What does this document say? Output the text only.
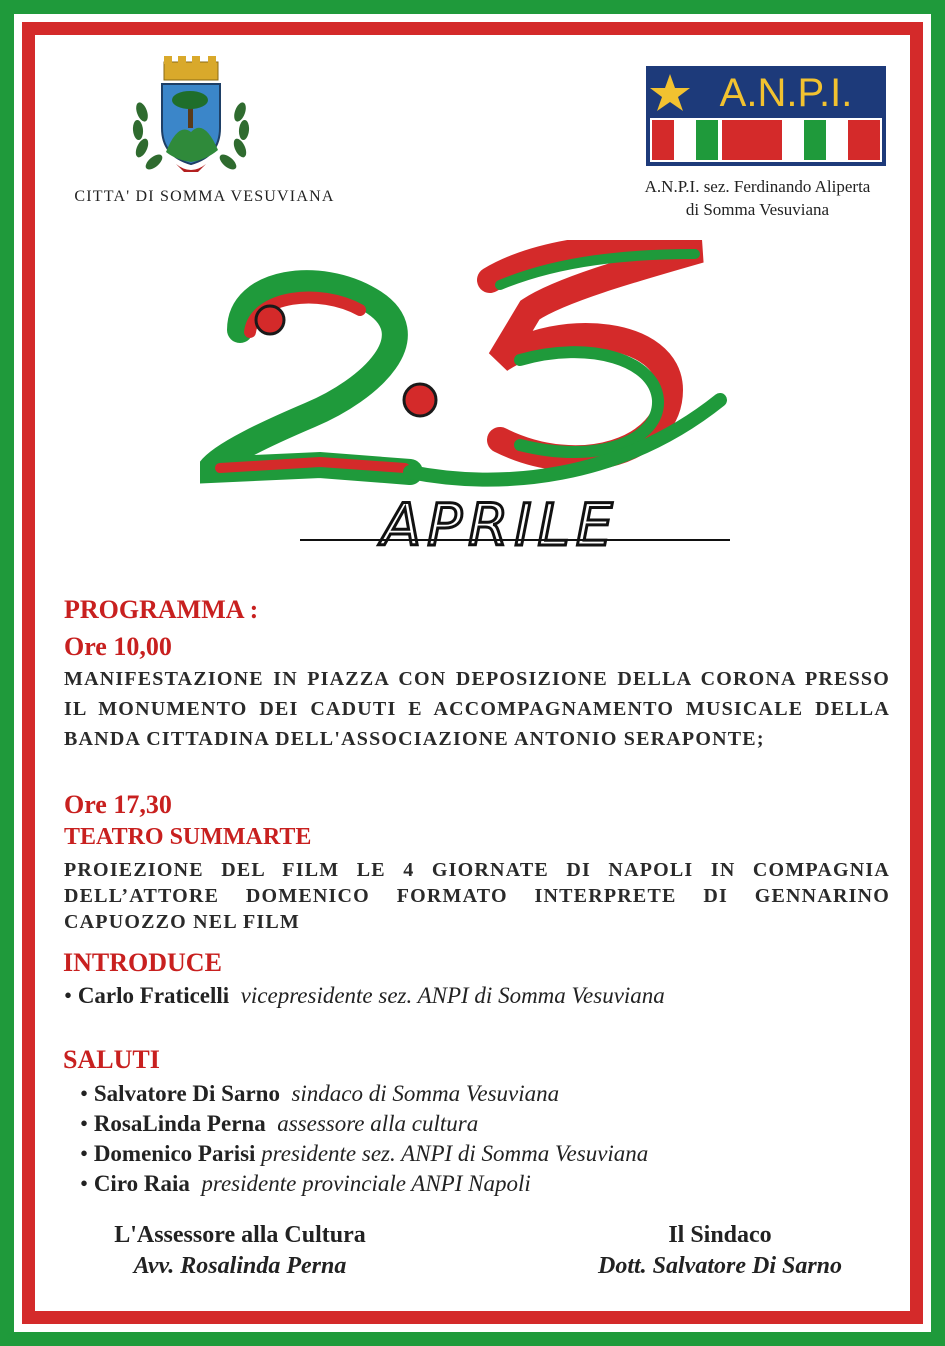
CITTA' DI SOMMA VESUVIANA
A.N.P.I.
A.N.P.I. sez. Ferdinando Aliperta
di Somma Vesuviana
APRILE
PROGRAMMA :
Ore 10,00
MANIFESTAZIONE IN PIAZZA CON DEPOSIZIONE DELLA CORONA PRESSO IL MONUMENTO DEI CADUTI E ACCOMPAGNAMENTO MUSICALE DELLA BANDA CITTADINA DELL'ASSOCIAZIONE ANTONIO SERAPONTE;
Ore 17,30
TEATRO SUMMARTE
PROIEZIONE DEL FILM LE 4 GIORNATE DI NAPOLI IN COMPAGNIA DELL’ATTORE DOMENICO FORMATO INTERPRETE DI GENNARINO CAPUOZZO NEL FILM
INTRODUCE
• Carlo Fraticelli vicepresidente sez. ANPI di Somma Vesuviana
SALUTI
• Salvatore Di Sarno sindaco di Somma Vesuviana
• RosaLinda Perna assessore alla cultura
• Domenico Parisi presidente sez. ANPI di Somma Vesuviana
• Ciro Raia presidente provinciale ANPI Napoli
L'Assessore alla Cultura
Avv. Rosalinda Perna
Il Sindaco
Dott. Salvatore Di Sarno
